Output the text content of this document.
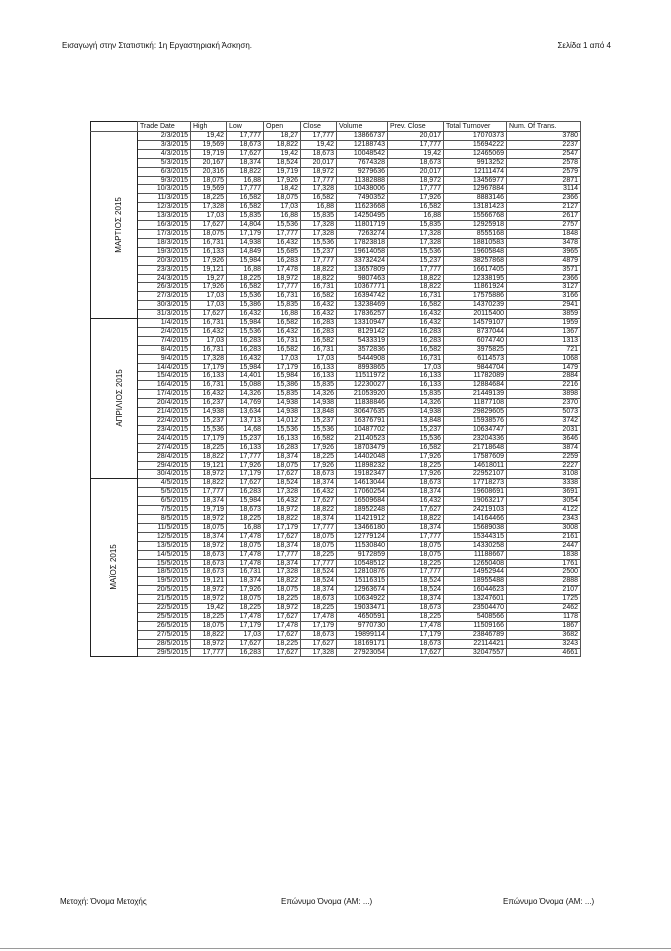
Εισαγωγή στην Στατιστική: 1η Εργαστηριακή Άσκηση.	Σελίδα 1 από 4
	Trade Date	High	Low	Open	Close	Volume	Prev. Close	Total Turnover	Num. Of Trans.
ΜΑΡΤΙΟΣ 2015	2/3/2015	19,42	17,777	18,27	17,777	13866737	20,017	17070373	3780
	3/3/2015	19,569	18,673	18,822	19,42	12188743	17,777	15694222	2237
	4/3/2015	19,719	17,627	19,42	18,673	10048542	19,42	12465069	2547
	5/3/2015	20,167	18,374	18,524	20,017	7674328	18,673	9913252	2578
	6/3/2015	20,316	18,822	19,719	18,972	9279636	20,017	12111474	2579
	9/3/2015	18,075	16,88	17,926	17,777	11382888	18,972	13456977	2871
	10/3/2015	19,569	17,777	18,42	17,328	10438006	17,777	12967884	3114
	11/3/2015	18,225	16,582	18,075	16,582	7490352	17,926	8883146	2366
	12/3/2015	17,328	16,582	17,03	16,88	11623668	16,582	13181423	2127
	13/3/2015	17,03	15,835	16,88	15,835	14250495	16,88	15566768	2617
	16/3/2015	17,627	14,804	15,536	17,328	11801719	15,835	12925918	2757
	17/3/2015	18,075	17,179	17,777	17,328	7263274	17,328	8555168	1848
	18/3/2015	16,731	14,938	16,432	15,536	17823818	17,328	18810583	3478
	19/3/2015	16,133	14,849	15,685	15,237	19614058	15,536	19605848	3965
	20/3/2015	17,926	15,984	16,283	17,777	33732424	15,237	38257868	4879
	23/3/2015	19,121	16,88	17,478	18,822	13657809	17,777	16617405	3571
	24/3/2015	19,27	18,225	18,972	18,822	9807463	18,822	12338195	2366
	26/3/2015	17,926	16,582	17,777	16,731	10367771	18,822	11861924	3127
	27/3/2015	17,03	15,536	16,731	16,582	16394742	16,731	17575886	3166
	30/3/2015	17,03	15,386	15,835	16,432	13238469	16,582	14370239	2941
	31/3/2015	17,627	16,432	16,88	16,432	17836257	16,432	20115400	3859
ΑΠΡΙΛΙΟΣ 2015	1/4/2015	16,731	15,984	16,582	16,283	13310947	16,432	14579107	1959
	2/4/2015	16,432	15,536	16,432	16,283	8129142	16,283	8737044	1367
	7/4/2015	17,03	16,283	16,731	16,582	5433319	16,283	6074740	1313
	8/4/2015	16,731	16,283	16,582	16,731	3572836	16,582	3975825	721
	9/4/2015	17,328	16,432	17,03	17,03	5444908	16,731	6114573	1068
	14/4/2015	17,179	15,984	17,179	16,133	8993865	17,03	9844704	1479
	15/4/2015	16,133	14,401	15,984	16,133	11511972	16,133	11782089	2884
	16/4/2015	16,731	15,088	15,386	15,835	12230027	16,133	12884684	2216
	17/4/2015	16,432	14,326	15,835	14,326	21053920	15,835	21449139	3898
	20/4/2015	16,237	14,769	14,938	14,938	11838846	14,326	11877108	2370
	21/4/2015	14,938	13,634	14,938	13,848	30647635	14,938	29829605	5073
	22/4/2015	15,237	13,713	14,012	15,237	16376791	13,848	15938576	3742
	23/4/2015	15,536	14,68	15,536	15,536	10487702	15,237	10634747	2031
	24/4/2015	17,179	15,237	16,133	16,582	21140523	15,536	23204336	3646
	27/4/2015	18,225	16,133	16,283	17,926	18703479	16,582	21718648	3874
	28/4/2015	18,822	17,777	18,374	18,225	14402048	17,926	17587609	2259
	29/4/2015	19,121	17,926	18,075	17,926	11898232	18,225	14618011	2227
	30/4/2015	18,972	17,179	17,627	18,673	19182347	17,926	22952107	3108
ΜΑΪΟΣ 2015	4/5/2015	18,822	17,627	18,524	18,374	14613044	18,673	17718273	3338
	5/5/2015	17,777	16,283	17,328	16,432	17060254	18,374	19608691	3691
	6/5/2015	18,374	15,984	16,432	17,627	16509684	16,432	19063217	3054
	7/5/2015	19,719	18,673	18,972	18,822	18952248	17,627	24219103	4122
	8/5/2015	18,972	18,225	18,822	18,374	11421912	18,822	14164466	2343
	11/5/2015	18,075	16,88	17,179	17,777	13466180	18,374	15689038	3008
	12/5/2015	18,374	17,478	17,627	18,075	12779124	17,777	15344315	2161
	13/5/2015	18,972	18,075	18,374	18,075	11530840	18,075	14330258	2447
	14/5/2015	18,673	17,478	17,777	18,225	9172859	18,075	11188667	1838
	15/5/2015	18,673	17,478	18,374	17,777	10548512	18,225	12650408	1761
	18/5/2015	18,673	16,731	17,328	18,524	12810876	17,777	14952944	2500
	19/5/2015	19,121	18,374	18,822	18,524	15116315	18,524	18955488	2888
	20/5/2015	18,972	17,926	18,075	18,374	12963674	18,524	16044623	2107
	21/5/2015	18,972	18,075	18,225	18,673	10634922	18,374	13247601	1725
	22/5/2015	19,42	18,225	18,972	18,225	19033471	18,673	23504470	2462
	25/5/2015	18,225	17,478	17,627	17,478	4650591	18,225	5408566	1178
	26/5/2015	18,075	17,179	17,478	17,179	9770730	17,478	11509166	1867
	27/5/2015	18,822	17,03	17,627	18,673	19899114	17,179	23846789	3682
	28/5/2015	18,972	17,627	18,225	17,627	18169171	18,673	22114421	3243
	29/5/2015	17,777	16,283	17,627	17,328	27923054	17,627	32047557	4661
Μετοχή: Όνομα Μετοχής	Επώνυμο Όνομα (ΑΜ: ...)	Επώνυμο Όνομα (ΑΜ: ...)
